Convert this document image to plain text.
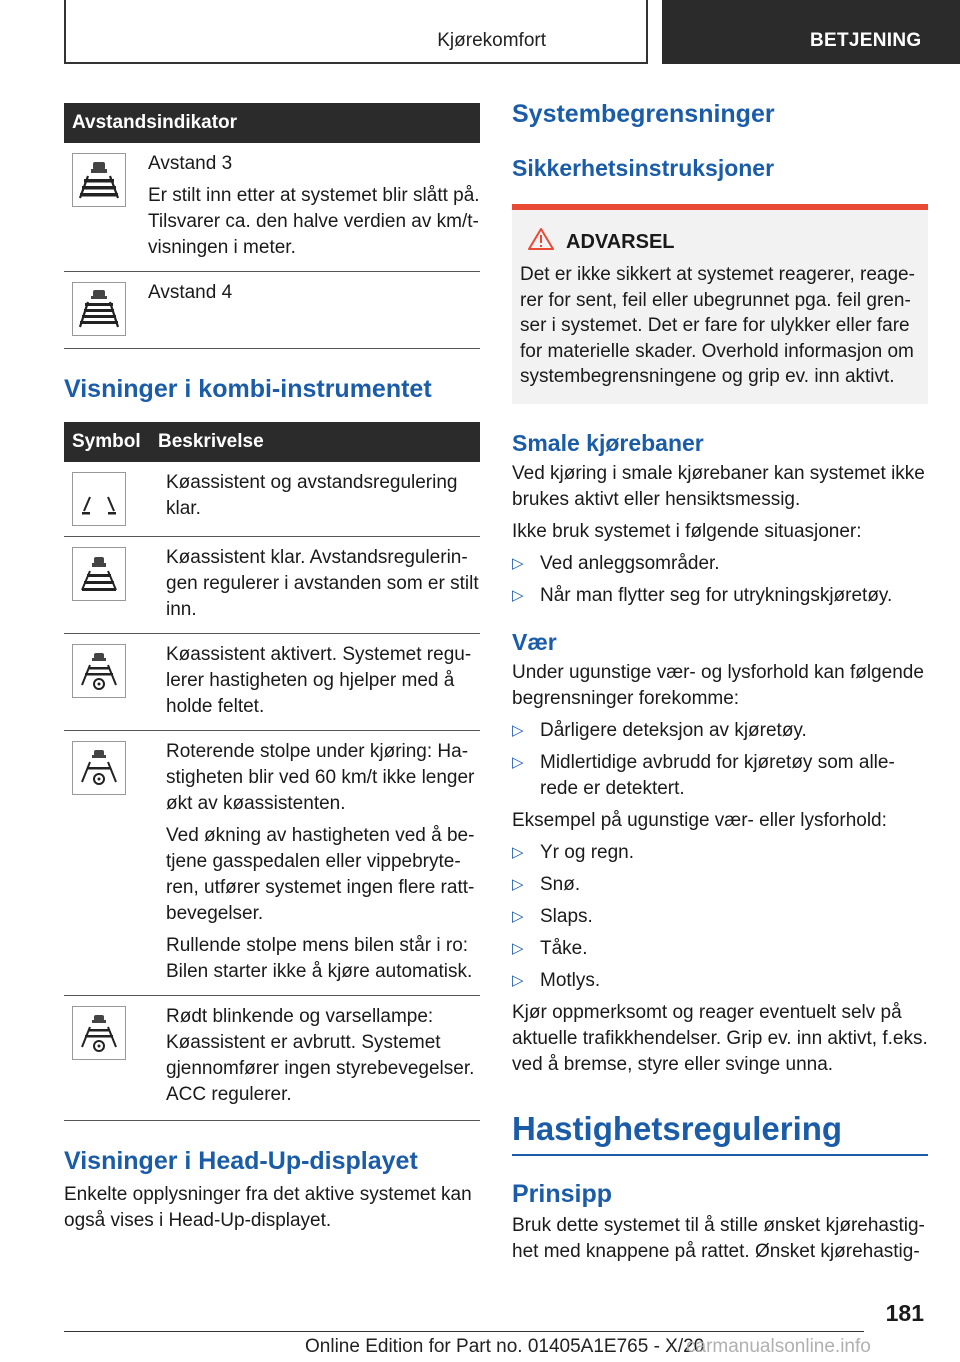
Kjørekomfort	BETJENING
Avstandsindikator

Avstand 3

Er stilt inn etter at systemet blir slått på. Tilsvarer ca. den halve verdien av km/t-visningen i meter.

Avstand 4

Visninger i kombi-instrumentet
Symbol Beskrivelse

Køassistent og avstandsregulering klar.

Køassistent klar. Avstandsregulerin-gen regulerer i avstanden som er stilt inn.

Køassistent aktivert. Systemet regu-lerer hastigheten og hjelper med å holde feltet.

Roterende stolpe under kjøring: Ha-stigheten blir ved 60 km/t ikke lenger økt av køassistenten.

Ved økning av hastigheten ved å be-tjene gasspedalen eller vippebryte-ren, utfører systemet ingen flere ratt-bevegelser.

Rullende stolpe mens bilen står i ro: Bilen starter ikke å kjøre automatisk.

Rødt blinkende og varsellampe: Køassistent er avbrutt. Systemet gjennomfører ingen styrebevegelser. ACC regulerer.

Visninger i Head-Up-displayet

Enkelte opplysninger fra det aktive systemet kan også vises i Head-Up-displayet.

Systembegrensninger
Sikkerhetsinstruksjoner
ADVARSEL

Det er ikke sikkert at systemet reagerer, reage-rer for sent, feil eller ubegrunnet pga. feil gren-ser i systemet. Det er fare for ulykker eller fare for materielle skader. Overhold informasjon om systembegrensningene og grip ev. inn aktivt.

Smale kjørebaner

Ved kjøring i smale kjørebaner kan systemet ikke brukes aktivt eller hensiktsmessig.

Ikke bruk systemet i følgende situasjoner:

▷ Ved anleggsområder.
▷ Når man flytter seg for utrykningskjøretøy.
Vær

Under ugunstige vær- og lysforhold kan følgende begrensninger forekomme:

▷ Dårligere deteksjon av kjøretøy.
▷ Midlertidige avbrudd for kjøretøy som alle-rede er detektert.

Eksempel på ugunstige vær- eller lysforhold:

▷ Yr og regn.
▷ Snø.
▷ Slaps.
▷ Tåke.
▷ Motlys.

Kjør oppmerksomt og reager eventuelt selv på aktuelle trafikkhendelser. Grip ev. inn aktivt, f.eks. ved å bremse, styre eller svinge unna.

Hastighetsregulering
Prinsipp

Bruk dette systemet til å stille ønsket kjørehastig-het med knappene på rattet. Ønsket kjørehastig-

181
Online Edition for Part no. 01405A1E765 - X/20
carmanualsonline.info
